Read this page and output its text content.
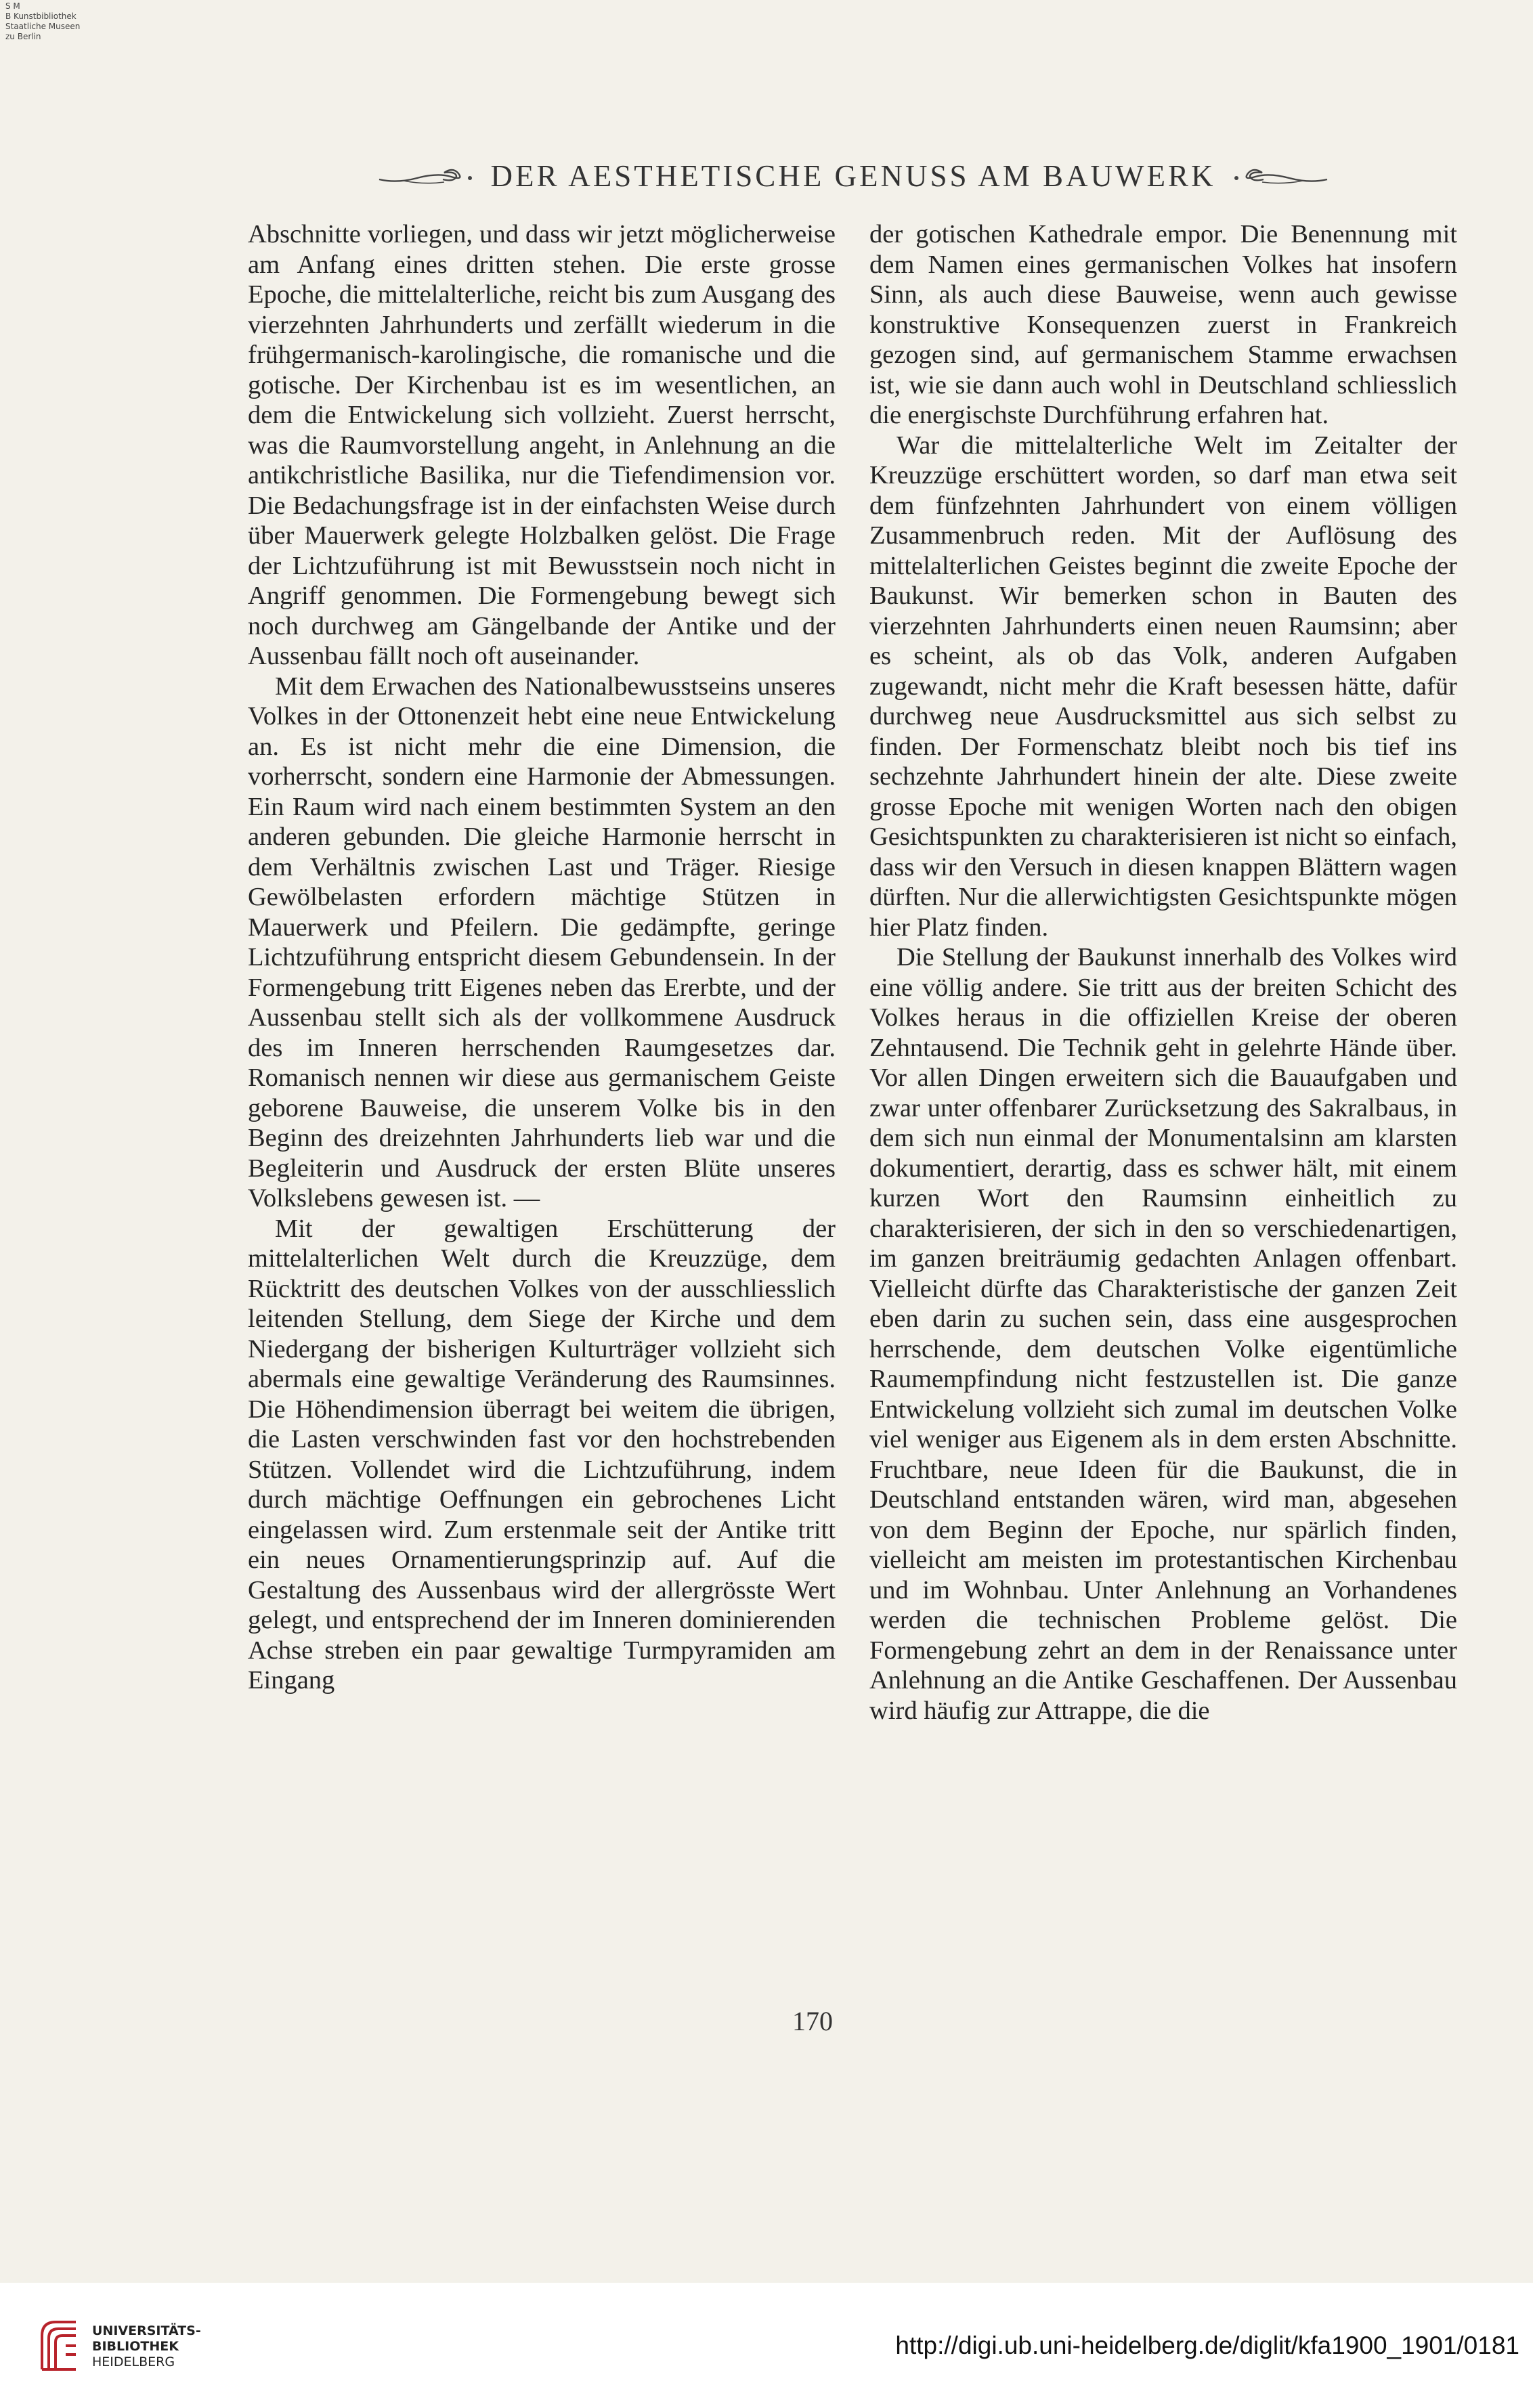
S M
B Kunstbibliothek
Staatliche Museen
zu Berlin
DER AESTHETISCHE GENUSS AM BAUWERK

Abschnitte vorliegen, und dass wir jetzt möglicherweise am Anfang eines dritten stehen. Die erste grosse Epoche, die mittelalterliche, reicht bis zum Ausgang des vierzehnten Jahrhunderts und zerfällt wiederum in die frühgermanisch-karolingische, die romanische und die gotische. Der Kirchenbau ist es im wesentlichen, an dem die Entwickelung sich vollzieht. Zuerst herrscht, was die Raumvorstellung angeht, in Anlehnung an die antikchristliche Basilika, nur die Tiefendimension vor. Die Bedachungsfrage ist in der einfachsten Weise durch über Mauerwerk gelegte Holzbalken gelöst. Die Frage der Lichtzuführung ist mit Bewusstsein noch nicht in Angriff genommen. Die Formengebung bewegt sich noch durchweg am Gängelbande der Antike und der Aussenbau fällt noch oft auseinander.

Mit dem Erwachen des Nationalbewusstseins unseres Volkes in der Ottonenzeit hebt eine neue Entwickelung an. Es ist nicht mehr die eine Dimension, die vorherrscht, sondern eine Harmonie der Abmessungen. Ein Raum wird nach einem bestimmten System an den anderen gebunden. Die gleiche Harmonie herrscht in dem Verhältnis zwischen Last und Träger. Riesige Gewölbelasten erfordern mächtige Stützen in Mauerwerk und Pfeilern. Die gedämpfte, geringe Lichtzuführung entspricht diesem Gebundensein. In der Formengebung tritt Eigenes neben das Ererbte, und der Aussenbau stellt sich als der vollkommene Ausdruck des im Inneren herrschenden Raumgesetzes dar. Romanisch nennen wir diese aus germanischem Geiste geborene Bauweise, die unserem Volke bis in den Beginn des dreizehnten Jahrhunderts lieb war und die Begleiterin und Ausdruck der ersten Blüte unseres Volkslebens gewesen ist. —

Mit der gewaltigen Erschütterung der mittelalterlichen Welt durch die Kreuzzüge, dem Rücktritt des deutschen Volkes von der ausschliesslich leitenden Stellung, dem Siege der Kirche und dem Niedergang der bisherigen Kulturträger vollzieht sich abermals eine gewaltige Veränderung des Raumsinnes. Die Höhendimension überragt bei weitem die übrigen, die Lasten verschwinden fast vor den hochstrebenden Stützen. Vollendet wird die Lichtzuführung, indem durch mächtige Oeffnungen ein gebrochenes Licht eingelassen wird. Zum erstenmale seit der Antike tritt ein neues Ornamentierungsprinzip auf. Auf die Gestaltung des Aussenbaus wird der allergrösste Wert gelegt, und entsprechend der im Inneren dominierenden Achse streben ein paar gewaltige Turmpyramiden am Eingang

der gotischen Kathedrale empor. Die Benennung mit dem Namen eines germanischen Volkes hat insofern Sinn, als auch diese Bauweise, wenn auch gewisse konstruktive Konsequenzen zuerst in Frankreich gezogen sind, auf germanischem Stamme erwachsen ist, wie sie dann auch wohl in Deutschland schliesslich die energischste Durchführung erfahren hat.

War die mittelalterliche Welt im Zeitalter der Kreuzzüge erschüttert worden, so darf man etwa seit dem fünfzehnten Jahrhundert von einem völligen Zusammenbruch reden. Mit der Auflösung des mittelalterlichen Geistes beginnt die zweite Epoche der Baukunst. Wir bemerken schon in Bauten des vierzehnten Jahrhunderts einen neuen Raumsinn; aber es scheint, als ob das Volk, anderen Aufgaben zugewandt, nicht mehr die Kraft besessen hätte, dafür durchweg neue Ausdrucksmittel aus sich selbst zu finden. Der Formenschatz bleibt noch bis tief ins sechzehnte Jahrhundert hinein der alte. Diese zweite grosse Epoche mit wenigen Worten nach den obigen Gesichtspunkten zu charakterisieren ist nicht so einfach, dass wir den Versuch in diesen knappen Blättern wagen dürften. Nur die allerwichtigsten Gesichtspunkte mögen hier Platz finden.

Die Stellung der Baukunst innerhalb des Volkes wird eine völlig andere. Sie tritt aus der breiten Schicht des Volkes heraus in die offiziellen Kreise der oberen Zehntausend. Die Technik geht in gelehrte Hände über. Vor allen Dingen erweitern sich die Bauaufgaben und zwar unter offenbarer Zurücksetzung des Sakralbaus, in dem sich nun einmal der Monumentalsinn am klarsten dokumentiert, derartig, dass es schwer hält, mit einem kurzen Wort den Raumsinn einheitlich zu charakterisieren, der sich in den so verschiedenartigen, im ganzen breiträumig gedachten Anlagen offenbart. Vielleicht dürfte das Charakteristische der ganzen Zeit eben darin zu suchen sein, dass eine ausgesprochen herrschende, dem deutschen Volke eigentümliche Raumempfindung nicht festzustellen ist. Die ganze Entwickelung vollzieht sich zumal im deutschen Volke viel weniger aus Eigenem als in dem ersten Abschnitte. Fruchtbare, neue Ideen für die Baukunst, die in Deutschland entstanden wären, wird man, abgesehen von dem Beginn der Epoche, nur spärlich finden, vielleicht am meisten im protestantischen Kirchenbau und im Wohnbau. Unter Anlehnung an Vorhandenes werden die technischen Probleme gelöst. Die Formengebung zehrt an dem in der Renaissance unter Anlehnung an die Antike Geschaffenen. Der Aussenbau wird häufig zur Attrappe, die die

170
UNIVERSITÄTS-
BIBLIOTHEK
HEIDELBERG
http://digi.ub.uni-heidelberg.de/diglit/kfa1900_1901/0181
